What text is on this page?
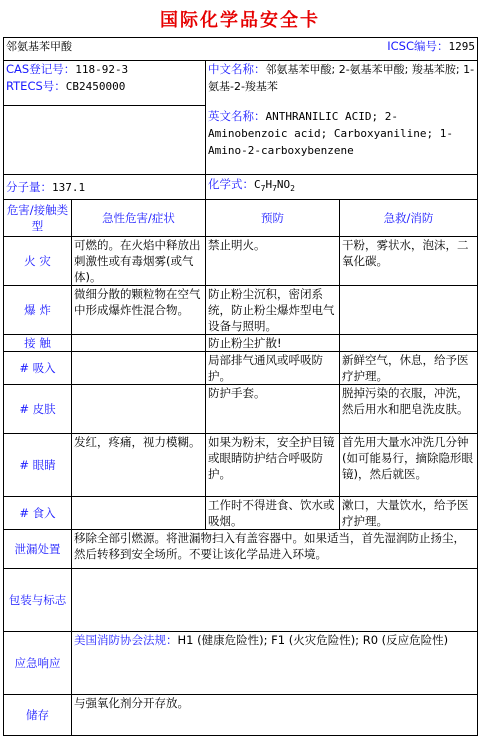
国际化学品安全卡
邻氨基苯甲酸 ICSC编号：1295			

CAS登记号：118-92-3
RTECS号：CB2450000		中文名称：邻氨基苯甲酸; 2-氨基苯甲酸; 羧基苯胺; 1-氨基-2-羧基苯	
		英文名称：ANTHRANILIC ACID; 2-Aminobenzoic acid; Carboxyaniline; 1-Amino-2-carboxybenzene	
分子量：137.1		化学式：$C_7H_7NO_2$
危害/接触类型	急性危害/症状	预防	急救/消防
火 灾	可燃的。在火焰中释放出刺激性或有毒烟雾(或气体)。	禁止明火。	干粉，雾状水，泡沫，二氧化碳。
爆 炸	微细分散的颗粒物在空气中形成爆炸性混合物。	防止粉尘沉积，密闭系统，防止粉尘爆炸型电气设备与照明。	
接 触		防止粉尘扩散!	
# 吸入		局部排气通风或呼吸防护。	新鲜空气，休息，给予医疗护理。
# 皮肤		防护手套。	脱掉污染的衣服，冲洗，然后用水和肥皂洗皮肤。
# 眼睛	发红，疼痛，视力模糊。	如果为粉末，安全护目镜或眼睛防护结合呼吸防护。	首先用大量水冲洗几分钟(如可能易行，摘除隐形眼镜)，然后就医。
# 食入		工作时不得进食、饮水或吸烟。	漱口，大量饮水，给予医疗护理。
泄漏处置	移除全部引燃源。将泄漏物扫入有盖容器中。如果适当，首先湿润防止扬尘，然后转移到安全场所。不要让该化学品进入环境。		
包装与标志			
应急响应	美国消防协会法规：H1 (健康危险性); F1 (火灾危险性); R0 (反应危险性)		
储存	与强氧化剂分开存放。		
